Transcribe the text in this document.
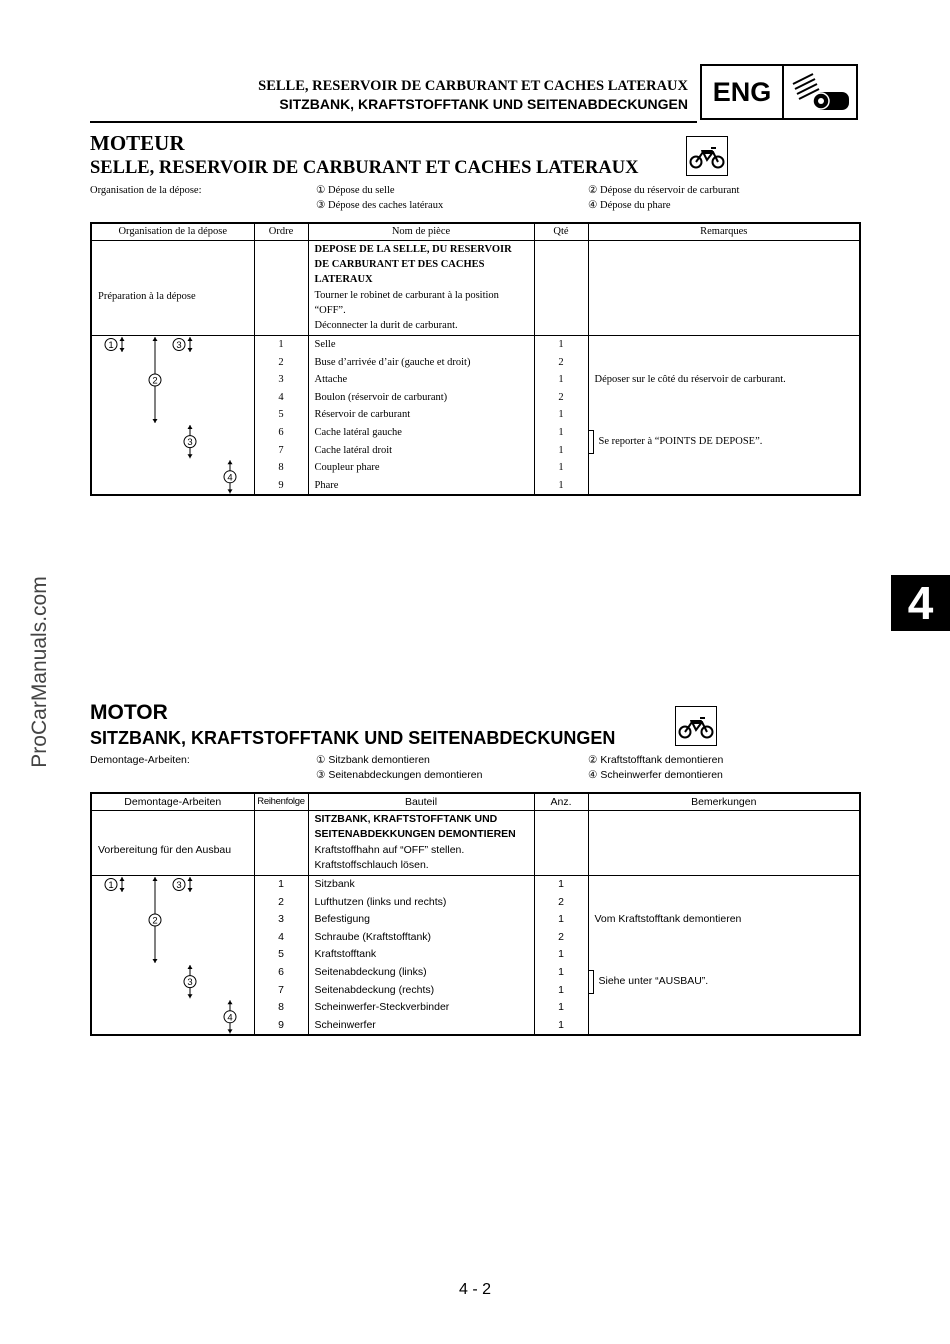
SELLE, RESERVOIR DE CARBURANT ET CACHES LATERAUX
SITZBANK, KRAFTSTOFFTANK UND SEITENABDECKUNGEN ENG
4
ProCarManuals.com
MOTEUR
SELLE, RESERVOIR DE CARBURANT ET CACHES LATERAUX
Organisation de la dépose:	① Dépose du selle	② Dépose du réservoir de carburant
③ Dépose des caches latéraux	④ Dépose du phare
Organisation de la dépose	Ordre	Nom de pièce	Qté	Remarques
Préparation à la dépose		DEPOSE DE LA SELLE, DU RESERVOIR DE CARBURANT ET DES CACHES LATERAUX
Tourner le robinet de carburant à la position “OFF”.
Déconnecter la durit de carburant.		

1 3
2
3
4	1	Selle	1	
	2	Buse d’arrivée d’air (gauche et droit)	2	
	3	Attache	1	Déposer sur le côté du réservoir de carburant.
	4	Boulon (réservoir de carburant)	2	
	5	Réservoir de carburant	1	
	6	Cache latéral gauche	1	Se reporter à “POINTS DE DEPOSE”.
	7	Cache latéral droit	1	
	8	Coupleur phare	1	
	9	Phare	1	
MOTOR
SITZBANK, KRAFTSTOFFTANK UND SEITENABDECKUNGEN
Demontage-Arbeiten:	① Sitzbank demontieren	② Kraftstofftank demontieren
③ Seitenabdeckungen demontieren	④ Scheinwerfer demontieren
Demontage-Arbeiten	Reihenfolge	Bauteil	Anz.	Bemerkungen
Vorbereitung für den Ausbau		SITZBANK, KRAFTSTOFFTANK UND SEITENABDEKKUNGEN DEMONTIEREN
Kraftstoffhahn auf “OFF” stellen.
Kraftstoffschlauch lösen.		

1 3
2
3
4	1	Sitzbank	1	
	2	Lufthutzen (links und rechts)	2	
	3	Befestigung	1	Vom Kraftstofftank demontieren
	4	Schraube (Kraftstofftank)	2	
	5	Kraftstofftank	1	
	6	Seitenabdeckung (links)	1	Siehe unter “AUSBAU”.
	7	Seitenabdeckung (rechts)	1	
	8	Scheinwerfer-Steckverbinder	1	
	9	Scheinwerfer	1	
4 - 2
